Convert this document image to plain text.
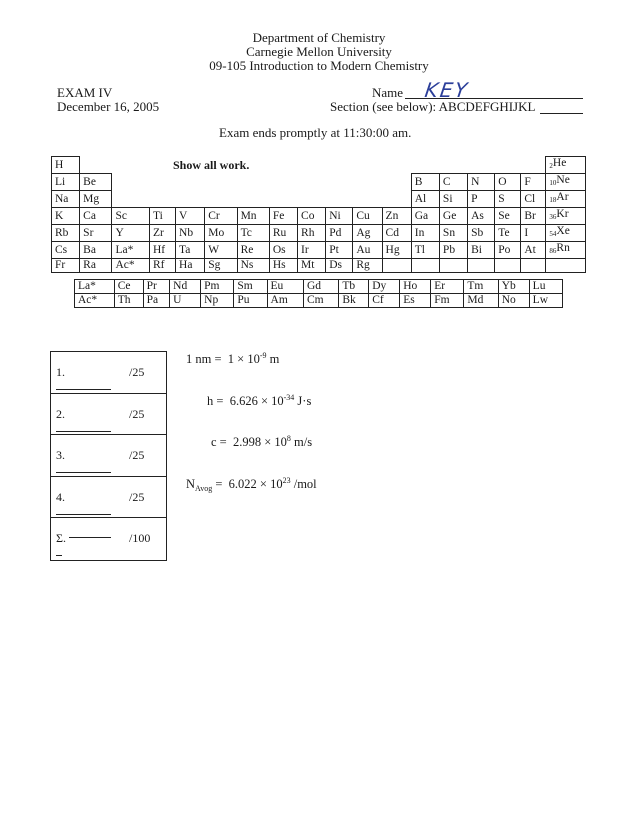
Department of Chemistry
Carnegie Mellon University
09-105 Introduction to Modern Chemistry
EXAM IV
December 16, 2005
Name KEY
Section (see below): ABCDEFGHIJKL
Exam ends promptly at 11:30:00 am.
H																	$_2$He
Li	Be											B	C	N	O	F	$_{10}$Ne
Na	Mg											Al	Si	P	S	Cl	$_{18}$Ar
K	Ca	Sc	Ti	V	Cr	Mn	Fe	Co	Ni	Cu	Zn	Ga	Ge	As	Se	Br	$_{36}$Kr
Rb	Sr	Y	Zr	Nb	Mo	Tc	Ru	Rh	Pd	Ag	Cd	In	Sn	Sb	Te	I	$_{54}$Xe
Cs	Ba	La*	Hf	Ta	W	Re	Os	Ir	Pt	Au	Hg	Tl	Pb	Bi	Po	At	$_{86}$Rn
Fr	Ra	Ac*	Rf	Ha	Sg	Ns	Hs	Mt	Ds	Rg							
Show all work.
La*	Ce	Pr	Nd	Pm	Sm	Eu	Gd	Tb	Dy	Ho	Er	Tm	Yb	Lu
Ac*	Th	Pa	U	Np	Pu	Am	Cm	Bk	Cf	Es	Fm	Md	No	Lw
1.	/25
2.	/25
3.	/25
4.	/25
Σ.	/100
1 nm = $1 \times 10^{-9}$ m
$h = 6.626 \times 10^{-34}$ J·s
$c = 2.998 \times 10^8$ m/s
$N_{Avog} = 6.022 \times 10^{23}$ /mol
